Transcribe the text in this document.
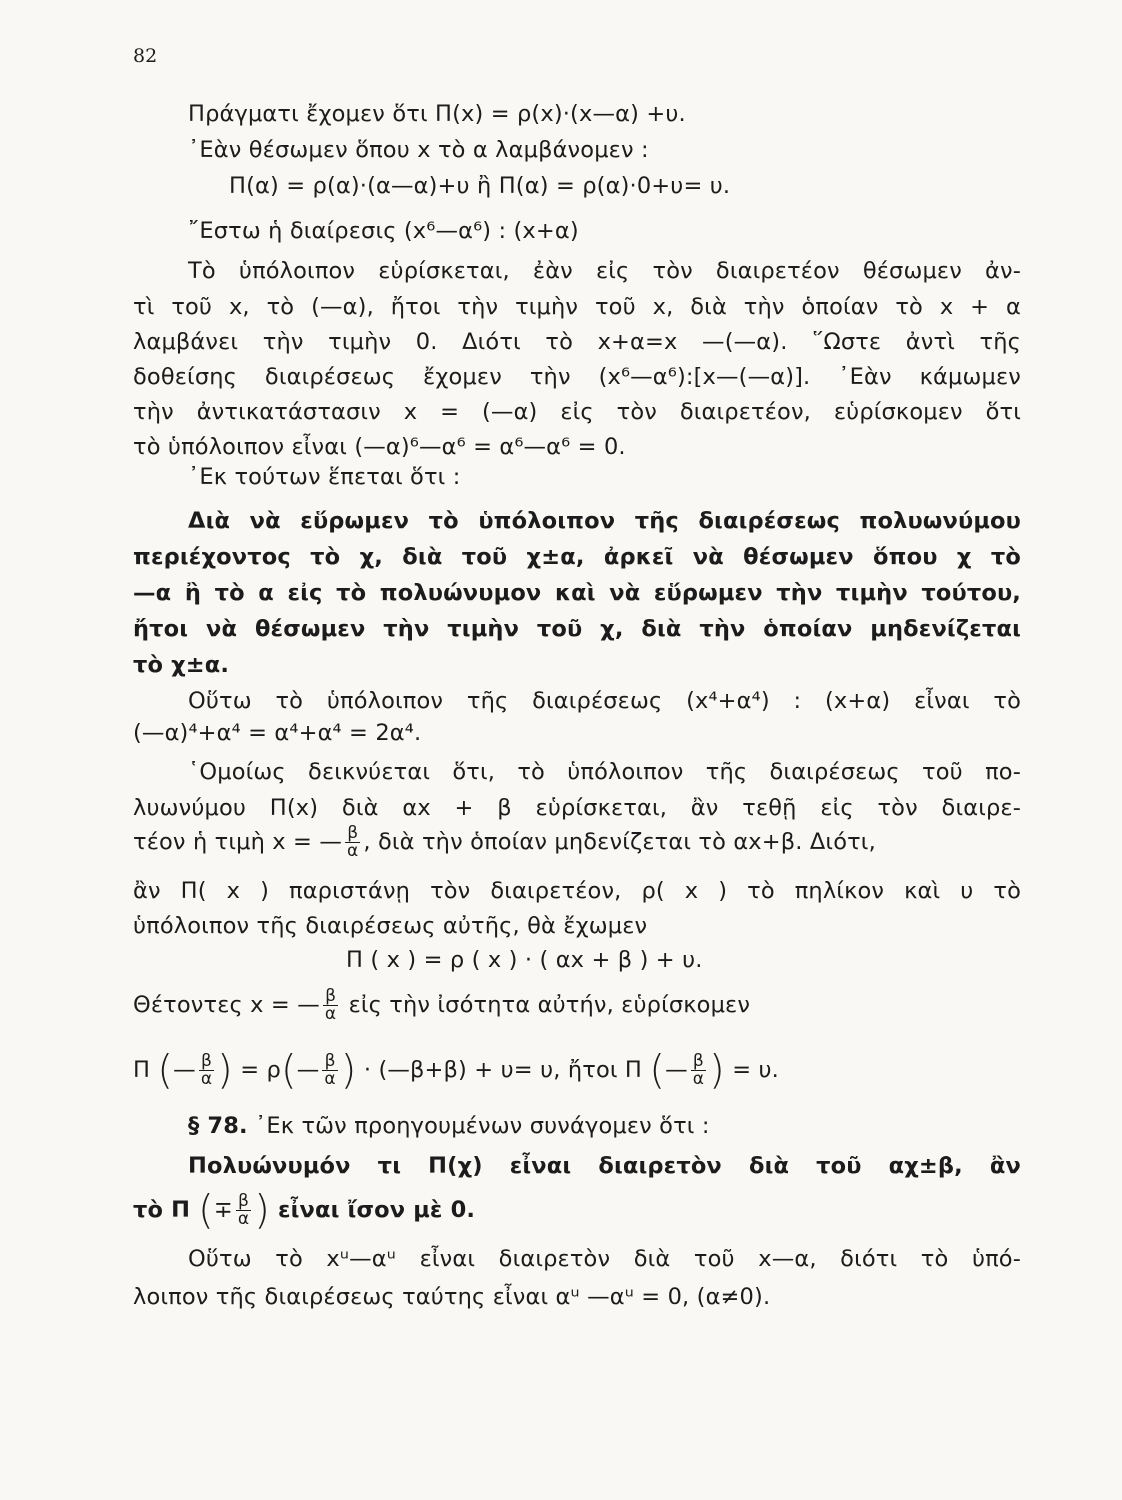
82
Πράγματι ἔχομεν ὅτι Π(x) = ρ(x)·(x—α) +υ.
᾿Εὰν θέσωμεν ὅπου x τὸ α λαμβάνομεν :
Π(α) = ρ(α)·(α—α)+υ ἢ Π(α) = ρ(α)·0+υ= υ.
῎Εστω ἡ διαίρεσις (x⁶—α⁶) : (x+α)
Τὸ ὑπόλοιπον εὑρίσκεται, ἐὰν εἰς τὸν διαιρετέον θέσωμεν ἀν-
τὶ τοῦ x, τὸ (—α), ἤτοι τὴν τιμὴν τοῦ x, διὰ τὴν ὁποίαν τὸ x + α
λαμβάνει τὴν τιμὴν 0. Διότι τὸ x+α=x —(—α). ῞Ωστε ἀντὶ τῆς
δοθείσης διαιρέσεως ἔχομεν τὴν (x⁶—α⁶):[x—(—α)]. ᾿Εὰν κάμωμεν
τὴν ἀντικατάστασιν x = (—α) εἰς τὸν διαιρετέον, εὑρίσκομεν ὅτι
τὸ ὑπόλοιπον εἶναι (—α)⁶—α⁶ = α⁶—α⁶ = 0.
᾿Εκ τούτων ἕπεται ὅτι :
Διὰ νὰ εὕρωμεν τὸ ὑπόλοιπον τῆς διαιρέσεως πολυωνύμου
περιέχοντος τὸ χ, διὰ τοῦ χ±α, ἀρκεῖ νὰ θέσωμεν ὅπου χ τὸ
—α ἢ τὸ α εἰς τὸ πολυώνυμον καὶ νὰ εὕρωμεν τὴν τιμὴν τούτου,
ἤτοι νὰ θέσωμεν τὴν τιμὴν τοῦ χ, διὰ τὴν ὁποίαν μηδενίζεται
τὸ χ±α.
Οὕτω τὸ ὑπόλοιπον τῆς διαιρέσεως (x⁴+α⁴) : (x+α) εἶναι τὸ
(—α)⁴+α⁴ = α⁴+α⁴ = 2α⁴.
῾Ομοίως δεικνύεται ὅτι, τὸ ὑπόλοιπον τῆς διαιρέσεως τοῦ πο-
λυωνύμου Π(x) διὰ αx + β εὑρίσκεται, ἂν τεθῇ εἰς τὸν διαιρε-
τέον ἡ τιμὴ x = — $\frac{\beta}{\alpha}$ , διὰ τὴν ὁποίαν μηδενίζεται τὸ αx+β. Διότι,
ἂν Π( x ) παριστάνῃ τὸν διαιρετέον, ρ( x ) τὸ πηλίκον καὶ υ τὸ
ὑπόλοιπον τῆς διαιρέσεως αὐτῆς, θὰ ἔχωμεν
Π ( x ) = ρ ( x ) · ( αx + β ) + υ.
Θέτοντες x = — $\frac{\beta}{\alpha}$ εἰς τὴν ἰσότητα αὐτήν, εὑρίσκομεν
Π (— $\frac{\beta}{\alpha}$ ) = ρ(— $\frac{\beta}{\alpha}$ ) · (—β+β) + υ= υ, ἤτοι Π (— $\frac{\beta}{\alpha}$ ) = υ.
§ 78. ᾿Εκ τῶν προηγουμένων συνάγομεν ὅτι :
Πολυώνυμόν τι Π(χ) εἶναι διαιρετὸν διὰ τοῦ αχ±β, ἂν
τὸ Π (∓ $\frac{\beta}{\alpha}$ ) εἶναι ἴσον μὲ 0.
Οὕτω τὸ xᵘ—αᵘ εἶναι διαιρετὸν διὰ τοῦ x—α, διότι τὸ ὑπό-
λοιπον τῆς διαιρέσεως ταύτης εἶναι αᵘ —αᵘ = 0, (α≠0).
